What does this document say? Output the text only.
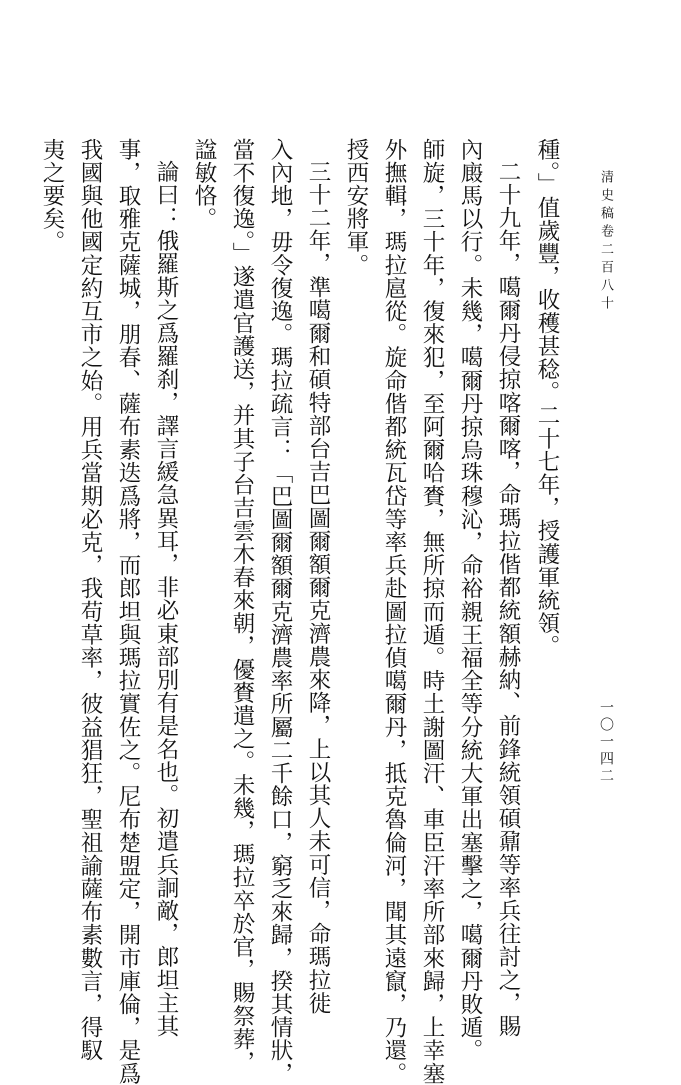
清史稿卷二百八十
一〇一四二
種。」值歲豐，收穫甚稔。二十七年，授護軍統領。
二十九年，噶爾丹侵掠喀爾喀，命瑪拉偕都統額赫納、前鋒統領碩鼐等率兵往討之，賜
內廄馬以行。未幾，噶爾丹掠烏珠穆沁，命裕親王福全等分統大軍出塞擊之，噶爾丹敗遁。
師旋，三十年，復來犯，至阿爾哈賚，無所掠而遁。時土謝圖汗、車臣汗率所部來歸，上幸塞
外撫輯，瑪拉扈從。旋命偕都統瓦岱等率兵赴圖拉偵噶爾丹，抵克魯倫河，聞其遠竄，乃還。
授西安將軍。
三十二年，準噶爾和碩特部台吉巴圖爾額爾克濟農來降，上以其人未可信，命瑪拉徙
入內地，毋令復逸。瑪拉疏言：「巴圖爾額爾克濟農率所屬二千餘口，窮乏來歸，揆其情狀，
當不復逸。」遂遣官護送，并其子台吉雲木春來朝，優賚遣之。未幾，瑪拉卒於官，賜祭葬，
諡敏恪。
論曰：俄羅斯之爲羅刹，譯言緩急異耳，非必東部別有是名也。初遣兵詗敵，郎坦主其
事，取雅克薩城，朋春、薩布素迭爲將，而郎坦與瑪拉實佐之。尼布楚盟定，開市庫倫，是爲
我國與他國定約互市之始。用兵當期必克，我苟草率，彼益猖狂，聖祖諭薩布素數言，得馭
夷之要矣。
